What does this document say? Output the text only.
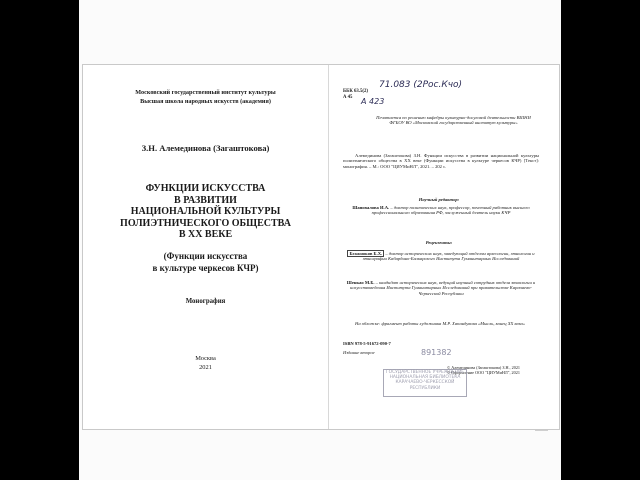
Московский государственный институт культуры
Высшая школа народных искусств (академия)
З.Н. Алемединова (Загаштокова)
ФУНКЦИИ ИСКУССТВА
В РАЗВИТИИ
НАЦИОНАЛЬНОЙ КУЛЬТУРЫ
ПОЛИЭТНИЧЕСКОГО ОБЩЕСТВА
В XX ВЕКЕ
(Функции искусства
в культуре черкесов КЧР)
Монография
Москва
2021
ББК 63.5(2)
А 45
71.083 (2Рос.Кчо)
А 423
Печатается по решению кафедры культурно-досуговой деятельности ВШНИ ФГБОУ ВО «Московский государственный институт культуры»
Алемединова (Загаштокова) З.Н. Функции искусства в развитии национальной культуры полиэтнического общества в XX веке (Функции искусства в культуре черкесов КЧР) [Текст]: монография. – М.: ООО "ЦИУМиНЛ", 2021. – 202 с.
Научный редактор:
Шаповалова И.А. – доктор политических наук, профессор, почетный работник высшего профессионального образования РФ, заслуженный деятель науки КЧР
Рецензенты:
Бгажноков Б.Х. – доктор исторических наук, заведующий отделом археологии, этнологии и этнографии Кабардино-Балкарского Института Гуманитарных Исследований
Шенкао М.Б. – кандидат исторических наук, ведущий научный сотрудник отдела этнологии и искусствоведения Института Гуманитарных Исследований при правительстве Карачаево-Черкесской Республики
На обложке: фрагмент работы художника М.Р. Хапандукова «Мысль, конец XX века»
ISBN 978-5-91672-090-7
Издание второе	891382
© Алемединова (Загаштокова) З.Н., 2021
© Оформление ООО "ЦИУМиНЛ", 2021
ГОСУДАРСТВЕННОЕ УЧРЕЖДЕНИЕ
НАЦИОНАЛЬНАЯ БИБЛИОТЕКА
КАРАЧАЕВО-ЧЕРКЕССКОЙ
РЕСПУБЛИКИ
